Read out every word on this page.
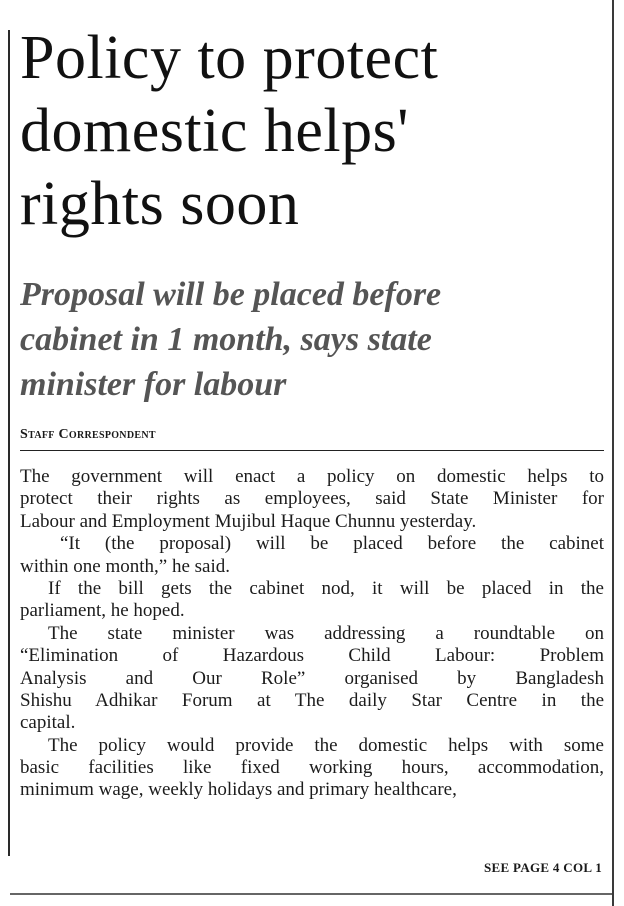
Policy to protect
domestic helps'
rights soon
Proposal will be placed before
cabinet in 1 month, says state
minister for labour
Staff Correspondent
The government will enact a policy on domestic helps to
protect their rights as employees, said State Minister for
Labour and Employment Mujibul Haque Chunnu yesterday.
“It (the proposal) will be placed before the cabinet
within one month,” he said.
If the bill gets the cabinet nod, it will be placed in the
parliament, he hoped.
The state minister was addressing a roundtable on
“Elimination of Hazardous Child Labour: Problem
Analysis and Our Role” organised by Bangladesh
Shishu Adhikar Forum at The daily Star Centre in the
capital.
The policy would provide the domestic helps with some
basic facilities like fixed working hours, accommodation,
minimum wage, weekly holidays and primary healthcare,
SEE PAGE 4 COL 1
